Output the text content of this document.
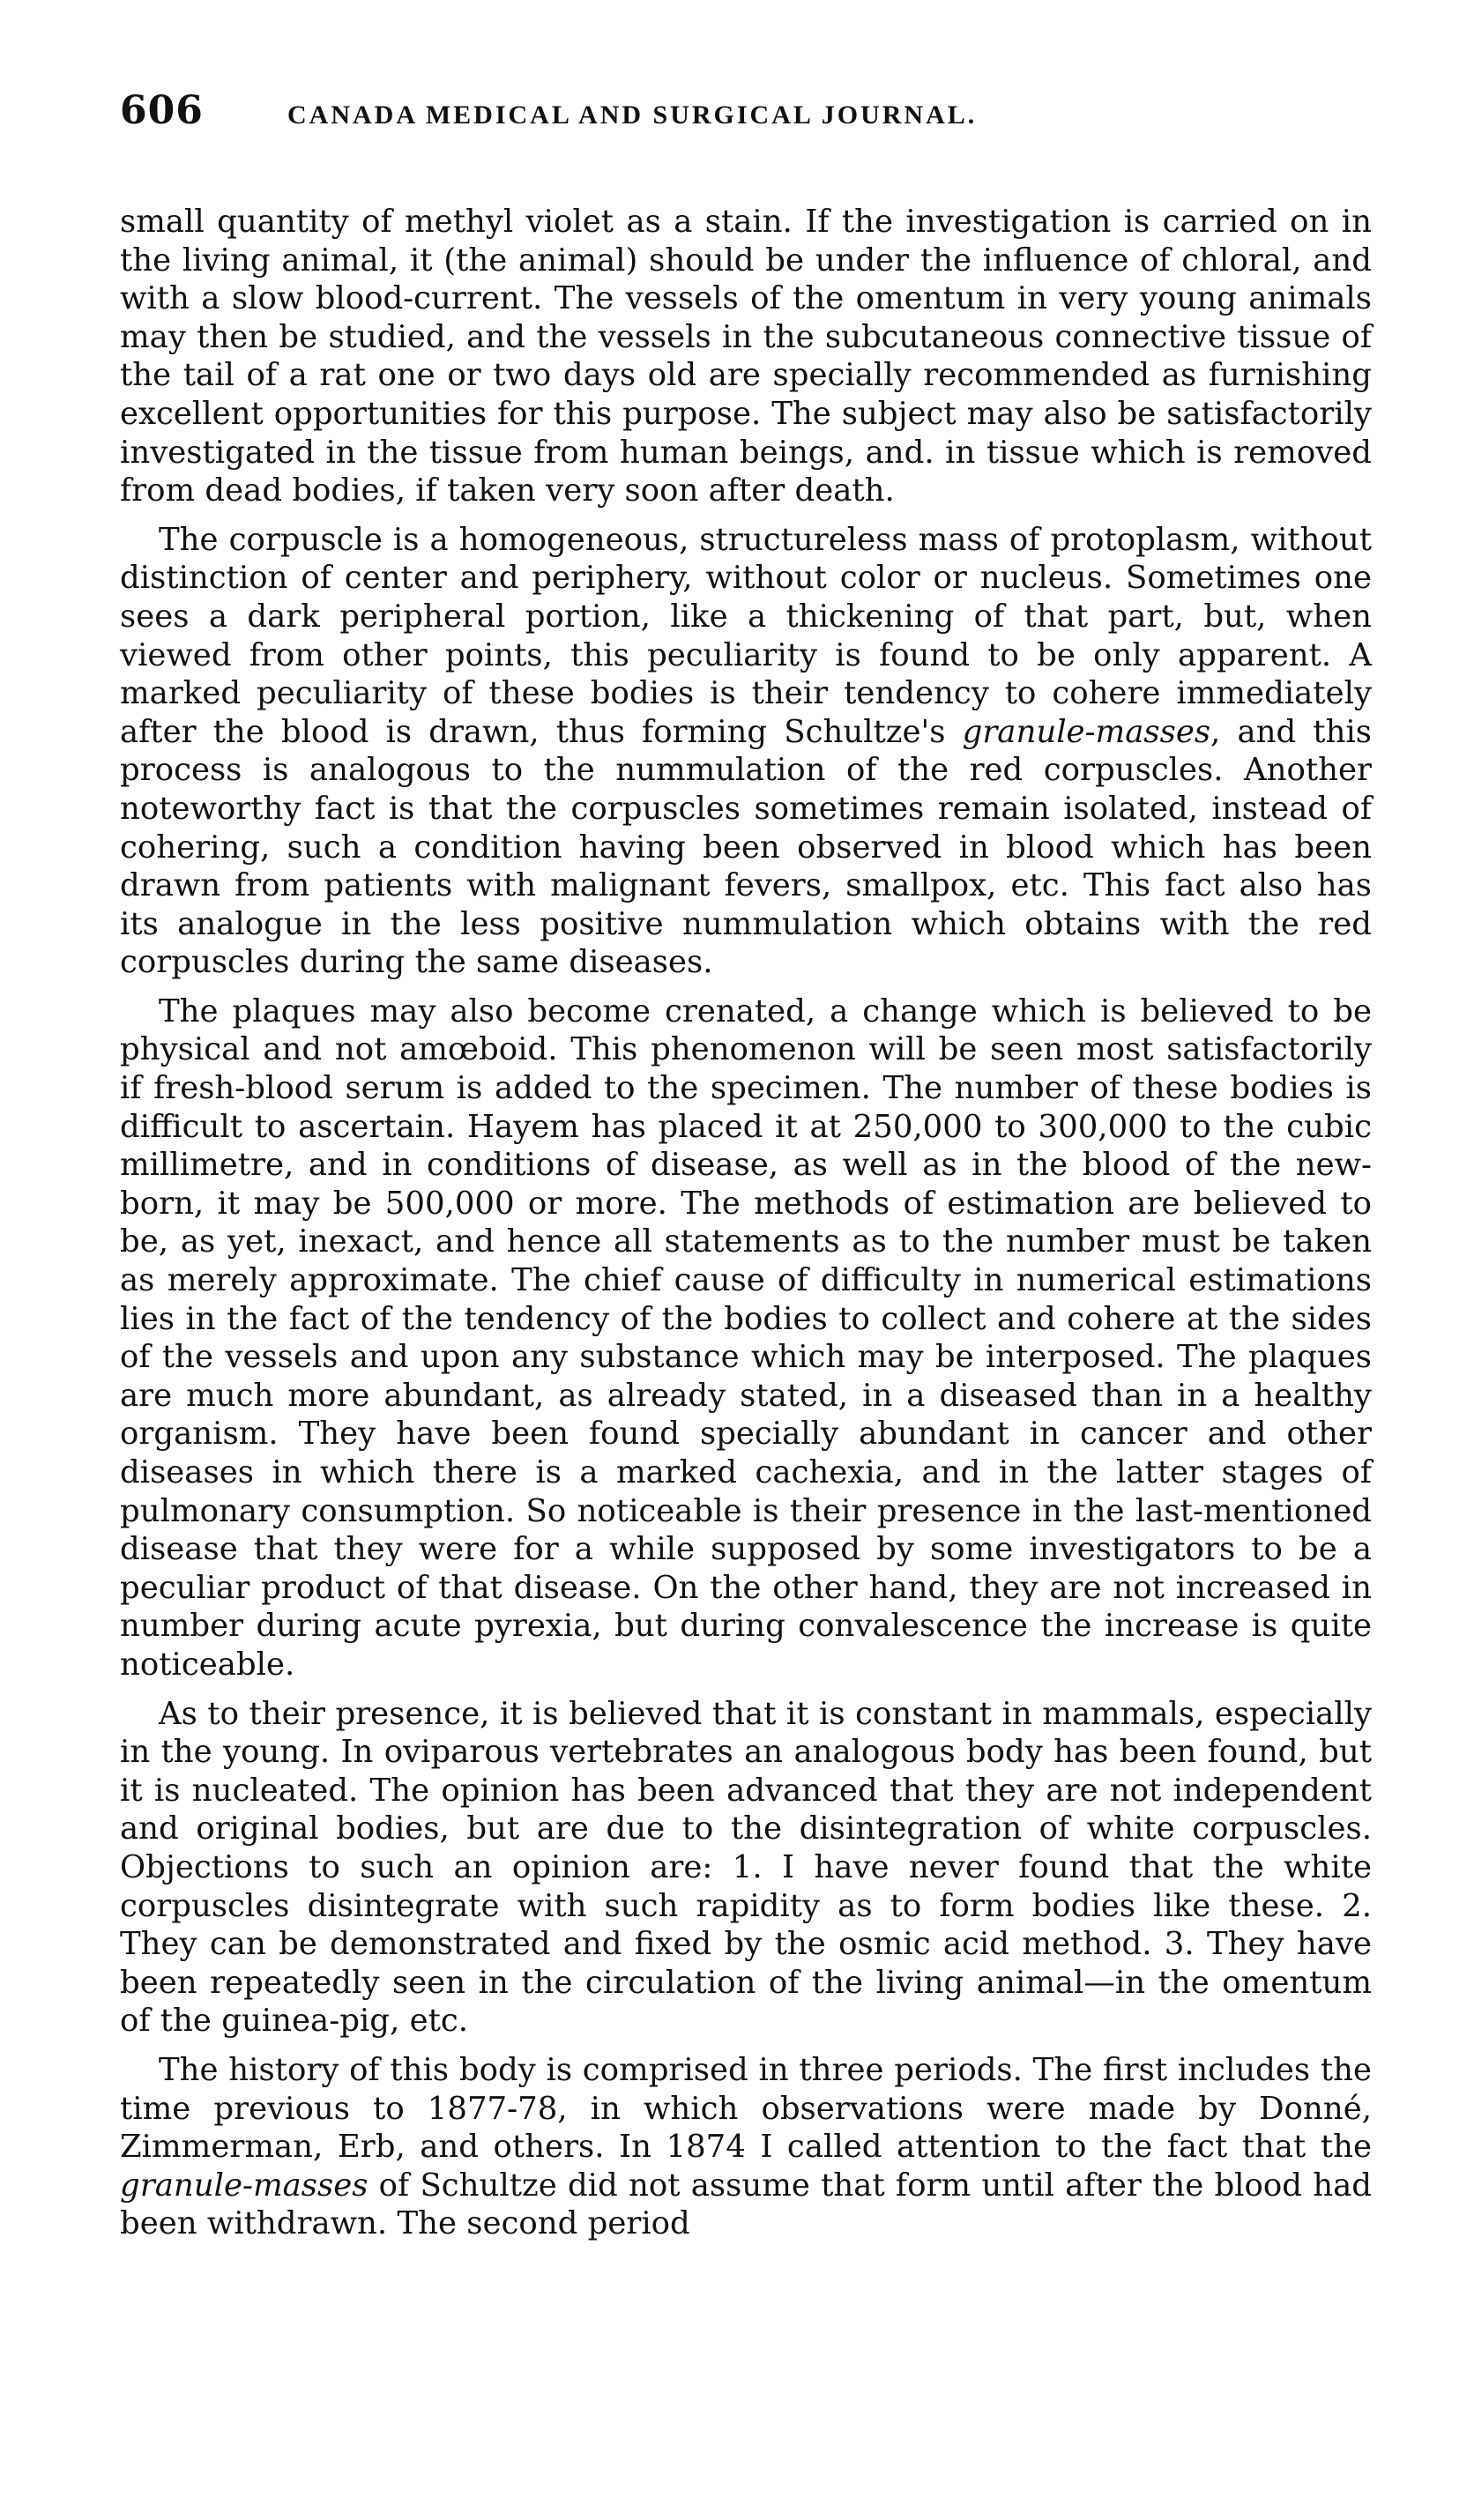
606	CANADA MEDICAL AND SURGICAL JOURNAL.

small quantity of methyl violet as a stain. If the investigation is carried on in the living animal, it (the animal) should be under the influence of chloral, and with a slow blood-current. The vessels of the omentum in very young animals may then be studied, and the vessels in the subcutaneous connective tissue of the tail of a rat one or two days old are specially recommended as furnishing excellent opportunities for this purpose. The subject may also be satisfactorily investigated in the tissue from human beings, and. in tissue which is removed from dead bodies, if taken very soon after death.

The corpuscle is a homogeneous, structureless mass of protoplasm, without distinction of center and periphery, without color or nucleus. Sometimes one sees a dark peripheral portion, like a thickening of that part, but, when viewed from other points, this peculiarity is found to be only apparent. A marked peculiarity of these bodies is their tendency to cohere immediately after the blood is drawn, thus forming Schultze's granule-masses, and this process is analogous to the nummulation of the red corpuscles. Another noteworthy fact is that the corpuscles sometimes remain isolated, instead of cohering, such a condition having been observed in blood which has been drawn from patients with malignant fevers, smallpox, etc. This fact also has its analogue in the less positive nummulation which obtains with the red corpuscles during the same diseases.

The plaques may also become crenated, a change which is believed to be physical and not amœboid. This phenomenon will be seen most satisfactorily if fresh-blood serum is added to the specimen. The number of these bodies is difficult to ascertain. Hayem has placed it at 250,000 to 300,000 to the cubic millimetre, and in conditions of disease, as well as in the blood of the new-born, it may be 500,000 or more. The methods of estimation are believed to be, as yet, inexact, and hence all statements as to the number must be taken as merely approximate. The chief cause of difficulty in numerical estimations lies in the fact of the tendency of the bodies to collect and cohere at the sides of the vessels and upon any substance which may be interposed. The plaques are much more abundant, as already stated, in a diseased than in a healthy organism. They have been found specially abundant in cancer and other diseases in which there is a marked cachexia, and in the latter stages of pulmonary consumption. So noticeable is their presence in the last-mentioned disease that they were for a while supposed by some investigators to be a peculiar product of that disease. On the other hand, they are not increased in number during acute pyrexia, but during convalescence the increase is quite noticeable.

As to their presence, it is believed that it is constant in mammals, especially in the young. In oviparous vertebrates an analogous body has been found, but it is nucleated. The opinion has been advanced that they are not independent and original bodies, but are due to the disintegration of white corpuscles. Objections to such an opinion are: 1. I have never found that the white corpuscles disintegrate with such rapidity as to form bodies like these. 2. They can be demonstrated and fixed by the osmic acid method. 3. They have been repeatedly seen in the circulation of the living animal—in the omentum of the guinea-pig, etc.

The history of this body is comprised in three periods. The first includes the time previous to 1877-78, in which observations were made by Donné, Zimmerman, Erb, and others. In 1874 I called attention to the fact that the granule-masses of Schultze did not assume that form until after the blood had been withdrawn. The second period
